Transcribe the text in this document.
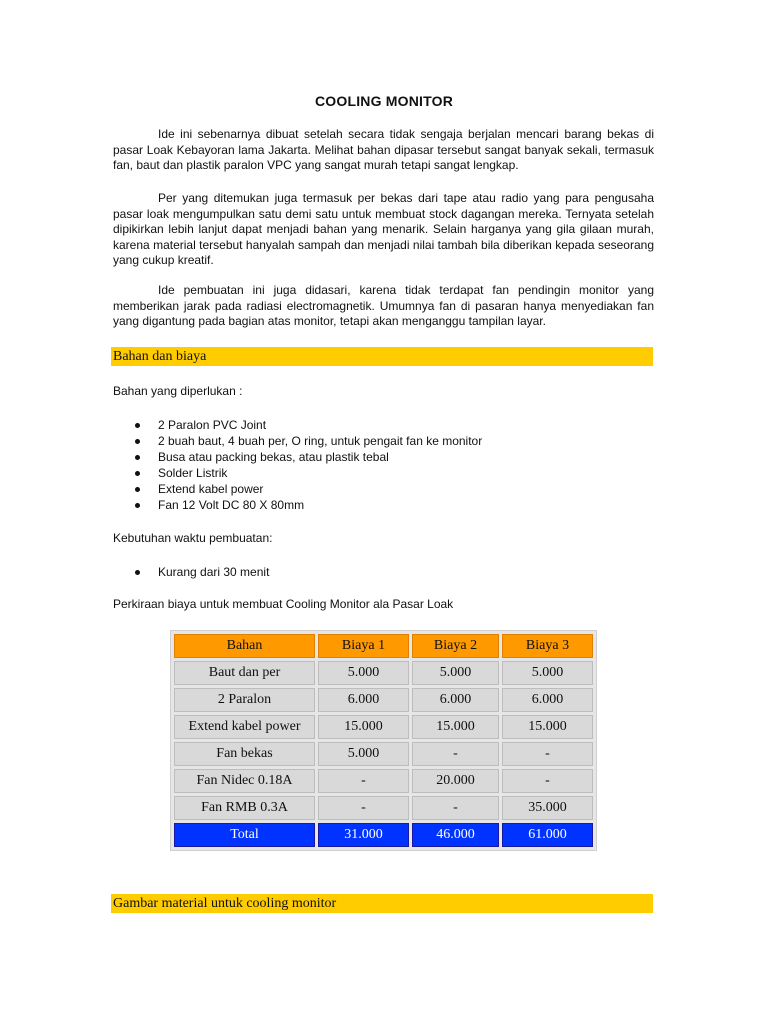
COOLING MONITOR

Ide ini sebenarnya dibuat setelah secara tidak sengaja berjalan mencari barang bekas di pasar Loak Kebayoran lama Jakarta. Melihat bahan dipasar tersebut sangat banyak sekali, termasuk fan, baut dan plastik paralon VPC yang sangat murah tetapi sangat lengkap.

Per yang ditemukan juga termasuk per bekas dari tape atau radio yang para pengusaha pasar loak mengumpulkan satu demi satu untuk membuat stock dagangan mereka. Ternyata setelah dipikirkan lebih lanjut dapat menjadi bahan yang menarik. Selain harganya yang gila gilaan murah, karena material tersebut hanyalah sampah dan menjadi nilai tambah bila diberikan kepada seseorang yang cukup kreatif.

Ide pembuatan ini juga didasari, karena tidak terdapat fan pendingin monitor yang memberikan jarak pada radiasi electromagnetik. Umumnya fan di pasaran hanya menyediakan fan yang digantung pada bagian atas monitor, tetapi akan menganggu tampilan layar.

Bahan dan biaya

Bahan yang diperlukan :

2 Paralon PVC Joint
2 buah baut, 4 buah per, O ring, untuk pengait fan ke monitor
Busa atau packing bekas, atau plastik tebal
Solder Listrik
Extend kabel power
Fan 12 Volt DC 80 X 80mm

Kebutuhan waktu pembuatan:

Kurang dari 30 menit

Perkiraan biaya untuk membuat Cooling Monitor ala Pasar Loak

Bahan	Biaya 1	Biaya 2	Biaya 3
Baut dan per	5.000	5.000	5.000
2 Paralon	6.000	6.000	6.000
Extend kabel power	15.000	15.000	15.000
Fan bekas	5.000	-	-
Fan Nidec 0.18A	-	20.000	-
Fan RMB 0.3A	-	-	35.000
Total	31.000	46.000	61.000
Gambar material untuk cooling monitor
